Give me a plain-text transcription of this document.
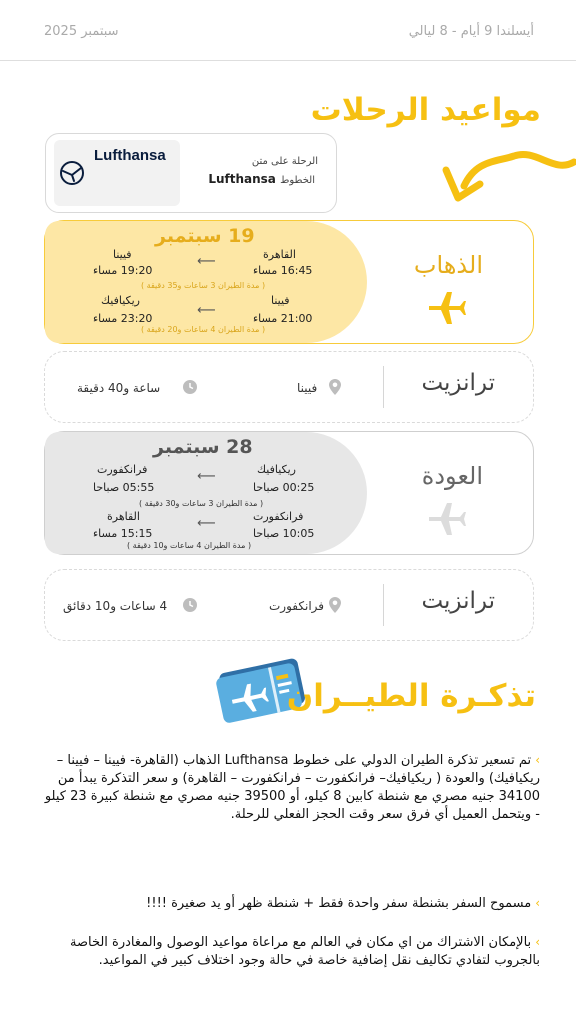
سبتمبر 2025	أيسلندا 9 أيام - 8 ليالي
مواعيد الرحلات
Lufthansa	الرحلة على متن
الخطوط Lufthansa
الذهاب
19 سبتمبر
القاهرة
16:45 مساء
⟵
فيينا
19:20 مساء
( مدة الطيران 3 ساعات و35 دقيقة )
فيينا
21:00 مساء
⟵
ريكيافيك
23:20 مساء
( مدة الطيران 4 ساعات و20 دقيقة )
ترانزيت
فيينا
ساعة و40 دقيقة
العودة
28 سبتمبر
ريكيافيك
00:25 صباحا
⟵
فرانكفورت
05:55 صباحا
( مدة الطيران 3 ساعات و30 دقيقة )
فرانكفورت
10:05 صباحا
⟵
القاهرة
15:15 مساء
( مدة الطيران 4 ساعات و10 دقيقة )
ترانزيت
فرانكفورت
4 ساعات و10 دقائق
تذكـرة الطيــران
›تم تسعير تذكرة الطيران الدولي على خطوط Lufthansa الذهاب (القاهرة- فيينا – فيينا – ريكيافيك) والعودة ( ريكيافيك– فرانكفورت – فرانكفورت – القاهرة) و سعر التذكرة يبدأ من 34100 جنيه مصري مع شنطة كابين 8 كيلو، أو 39500 جنيه مصري مع شنطة كبيرة 23 كيلو - ويتحمل العميل أي فرق سعر وقت الحجز الفعلي للرحلة.
›مسموح السفر بشنطة سفر واحدة فقط + شنطة ظهر أو يد صغيرة !!!!
›بالإمكان الاشتراك من اي مكان في العالم مع مراعاة مواعيد الوصول والمغادرة الخاصة بالجروب لتفادي تكاليف نقل إضافية خاصة في حالة وجود اختلاف كبير في المواعيد.
